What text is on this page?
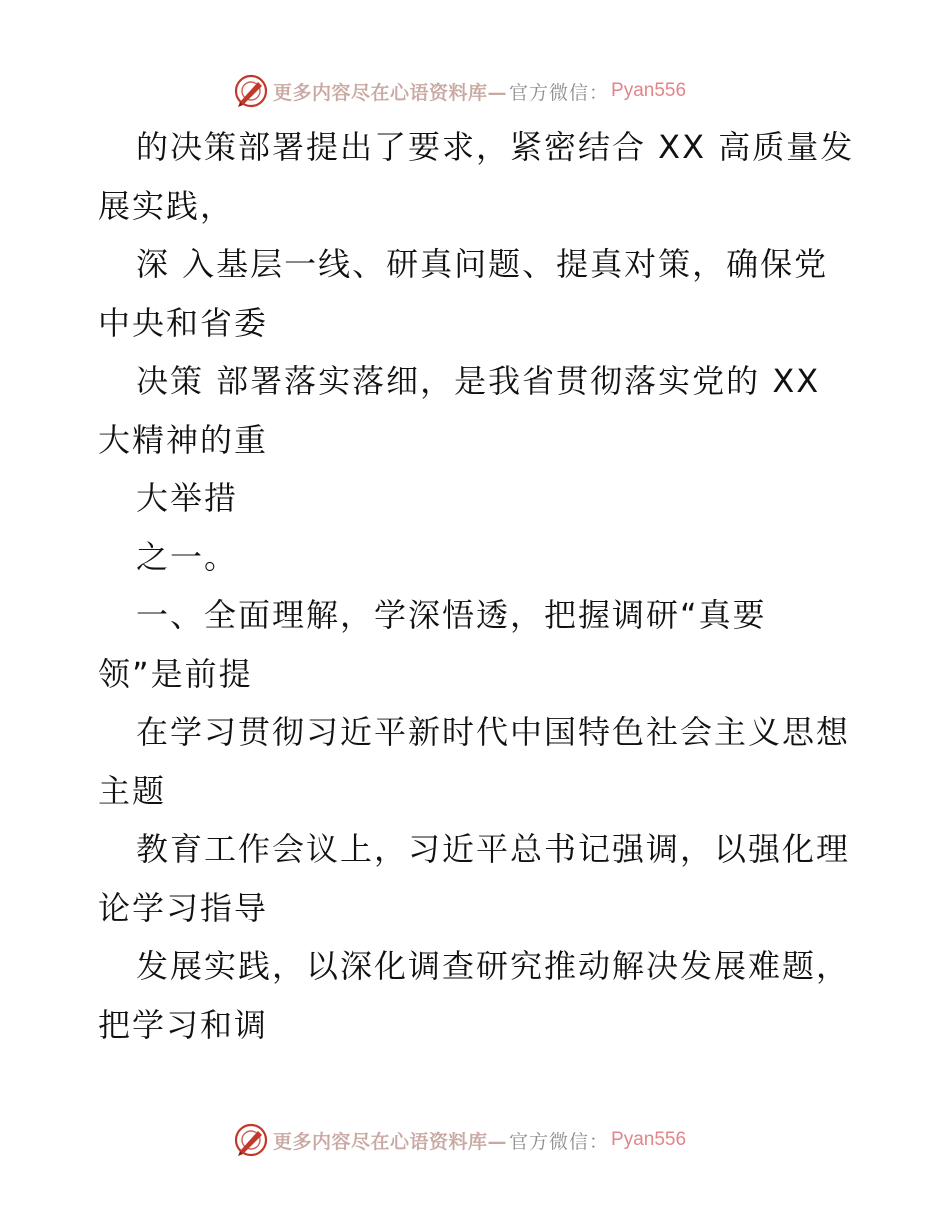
更多内容尽在心语资料库— 官方微信： Pyan556
的决策部署提出了要求，紧密结合 XX 高质量发
展实践，
深 入基层一线、研真问题、提真对策，确保党
中央和省委
决策 部署落实落细，是我省贯彻落实党的 XX
大精神的重
大举措
之一。
一、全面理解，学深悟透，把握调研“真要
领”是前提
在学习贯彻习近平新时代中国特色社会主义思想
主题
教育工作会议上，习近平总书记强调，以强化理
论学习指导
发展实践，以深化调查研究推动解决发展难题，
把学习和调
更多内容尽在心语资料库— 官方微信： Pyan556
